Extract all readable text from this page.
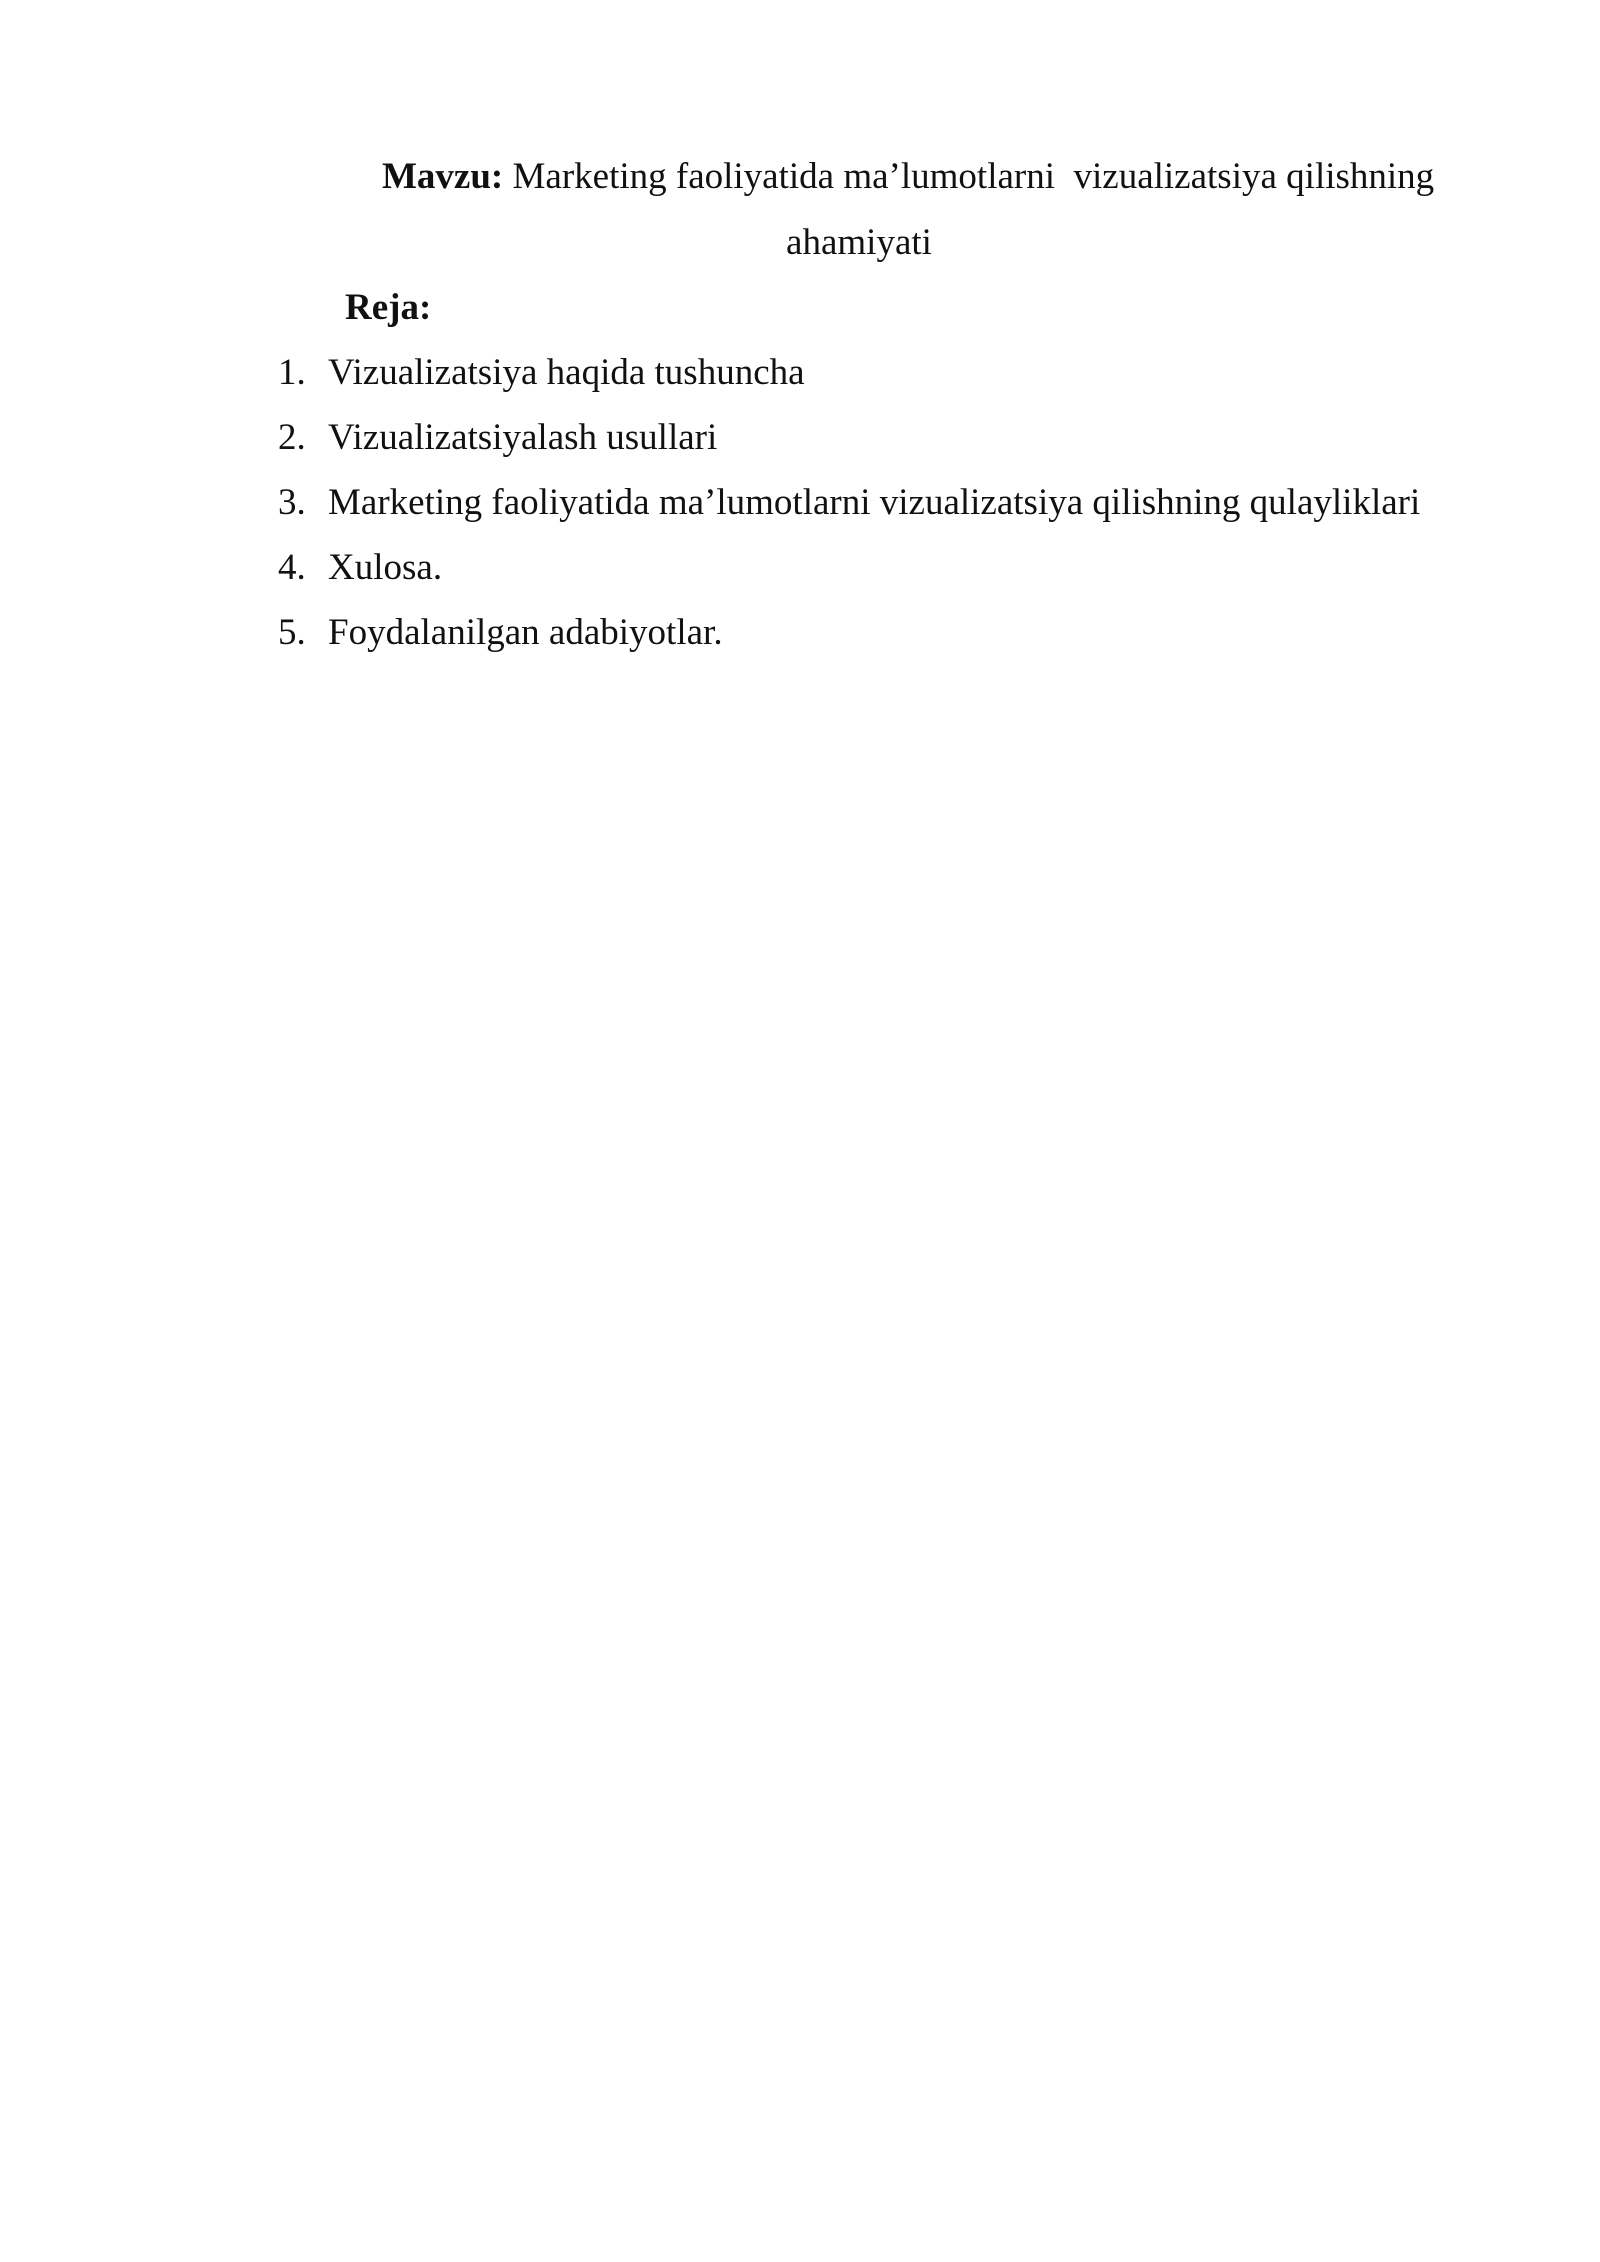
Mavzu: Marketing faoliyatida ma’lumotlarni  vizualizatsiya qilishning
ahamiyati
Reja:
1. Vizualizatsiya haqida tushuncha
2. Vizualizatsiyalash usullari
3. Marketing faoliyatida ma’lumotlarni vizualizatsiya qilishning qulayliklari
4. Xulosa.
5. Foydalanilgan adabiyotlar.
